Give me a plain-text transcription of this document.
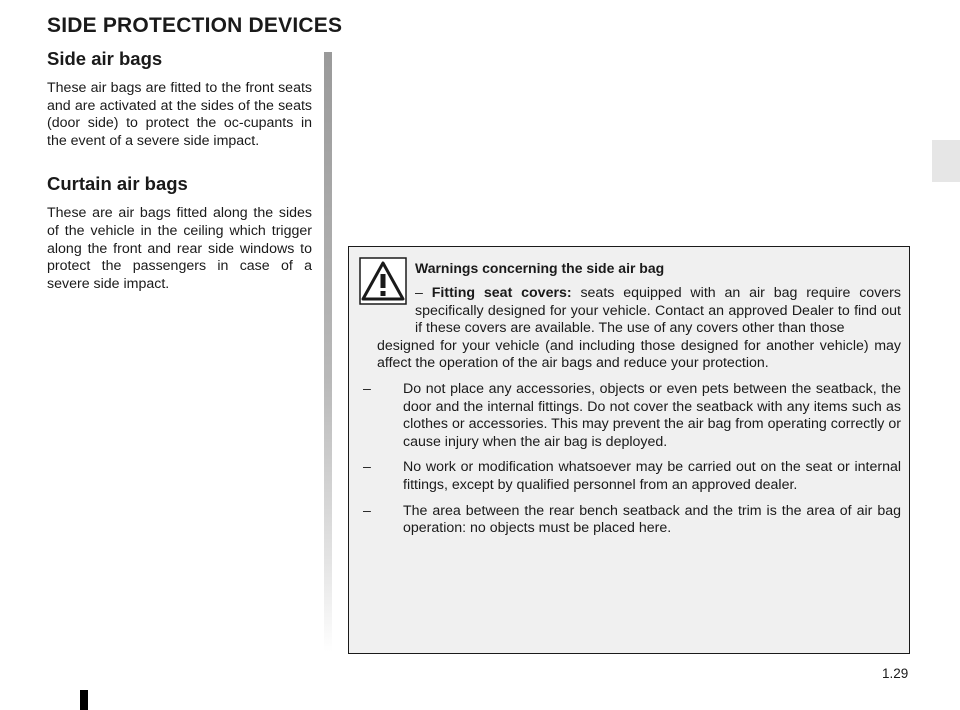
SIDE PROTECTION DEVICES
Side air bags

These air bags are fitted to the front seats and are activated at the sides of the seats (door side) to protect the oc-cupants in the event of a severe side impact.

Curtain air bags

These are air bags fitted along the sides of the vehicle in the ceiling which trigger along the front and rear side windows to protect the passengers in case of a severe side impact.

Warnings concerning the side air bag

– Fitting seat covers: seats equipped with an air bag require covers specifically designed for your vehicle. Contact an approved Dealer to find out if these covers are available. The use of any covers other than those

designed for your vehicle (and including those designed for another vehicle) may affect the operation of the air bags and reduce your protection.

– Do not place any accessories, objects or even pets between the seatback, the door and the internal fittings. Do not cover the seatback with any items such as clothes or accessories. This may prevent the air bag from operating correctly or cause injury when the air bag is deployed.
– No work or modification whatsoever may be carried out on the seat or internal fittings, except by qualified personnel from an approved dealer.
– The area between the rear bench seatback and the trim is the area of air bag operation: no objects must be placed here.
1.29
